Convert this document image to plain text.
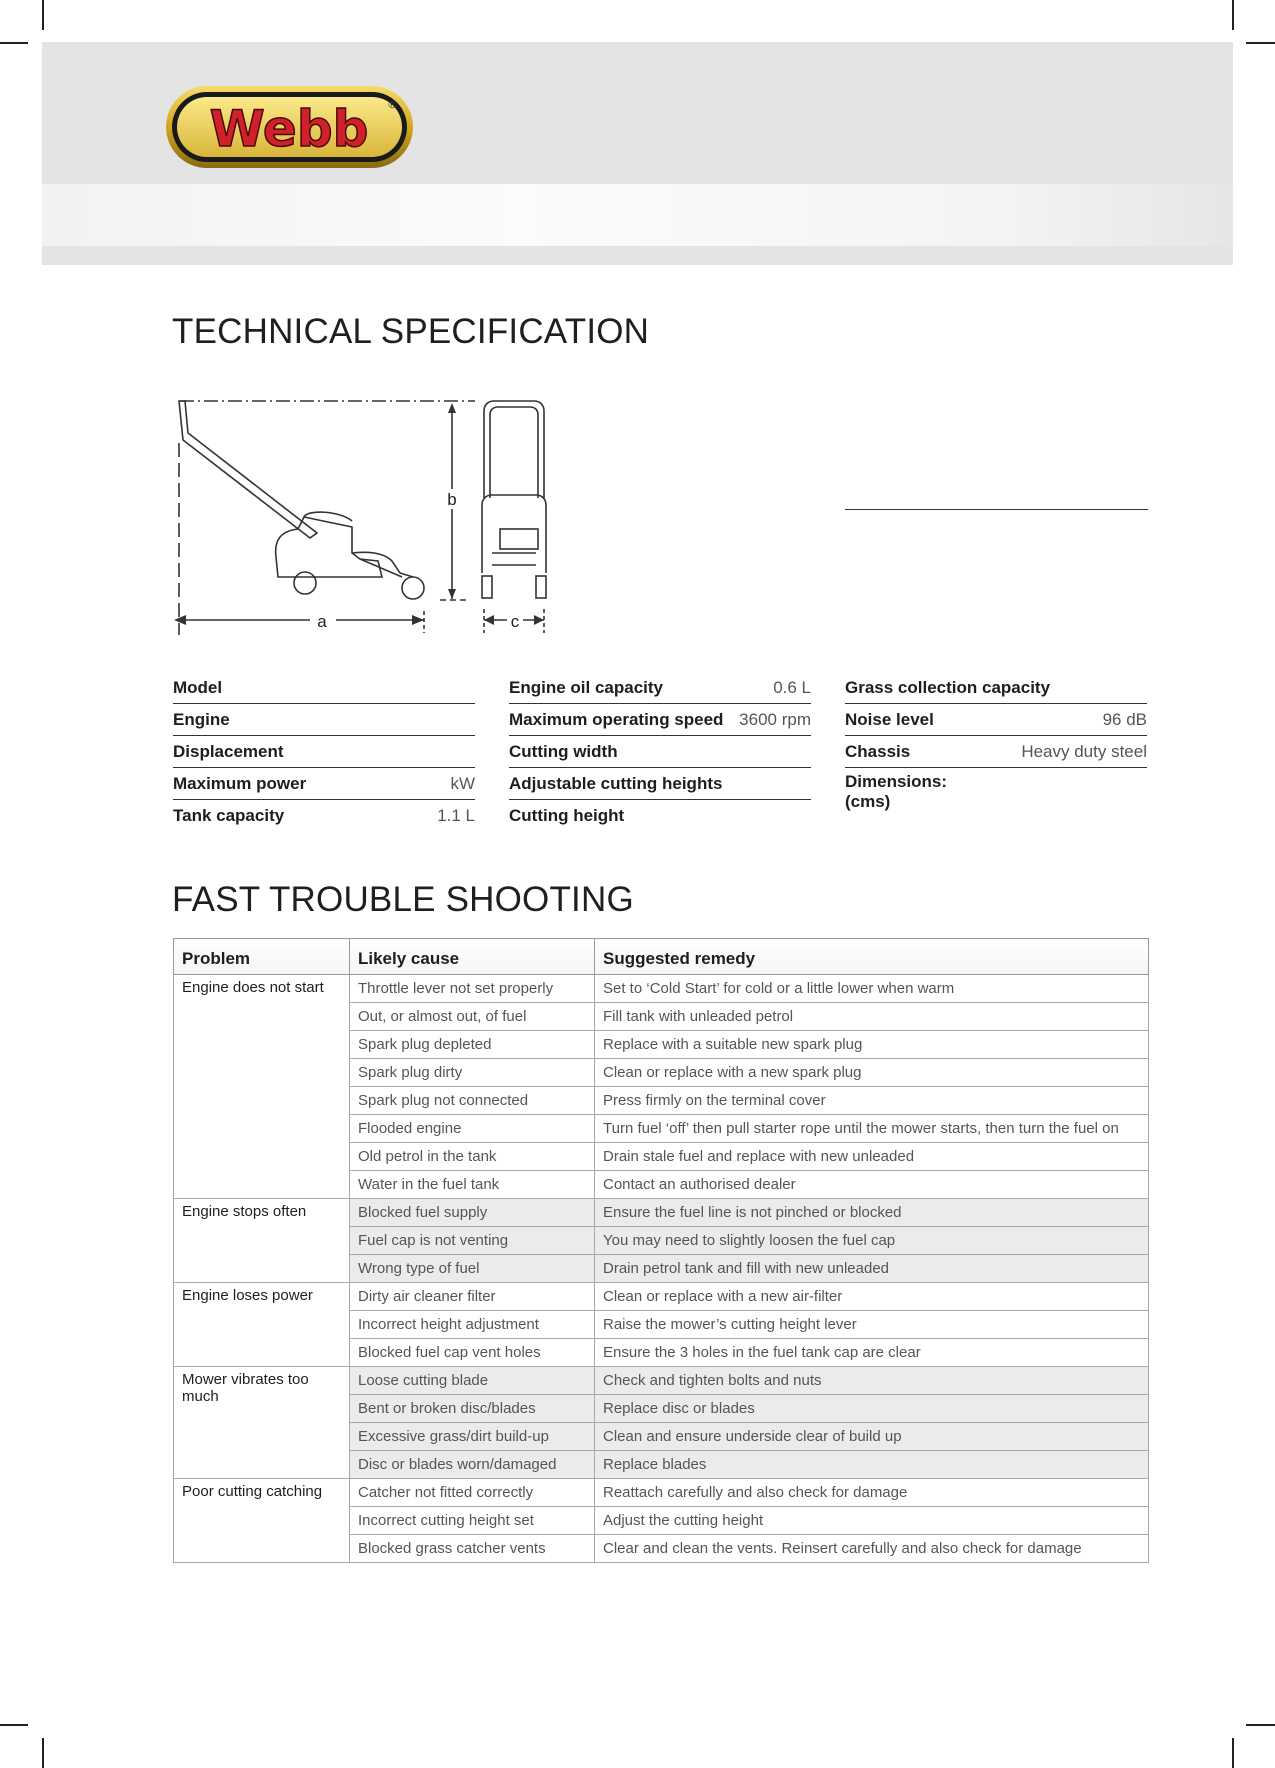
Webb ®
TECHNICAL SPECIFICATION
a
b
c
Model
Engine
Displacement
Maximum power	kW
Tank capacity	1.1 L
Engine oil capacity	0.6 L
Maximum operating speed 3600 rpm
Cutting width
Adjustable cutting heights
Cutting height
Grass collection capacity
Noise level	96 dB
Chassis	Heavy duty steel
Dimensions:
(cms)
FAST TROUBLE SHOOTING
Problem	Likely cause	Suggested remedy
Engine does not start	Throttle lever not set properly	Set to ‘Cold Start’ for cold or a little lower when warm
	Out, or almost out, of fuel	Fill tank with unleaded petrol
	Spark plug depleted	Replace with a suitable new spark plug
	Spark plug dirty	Clean or replace with a new spark plug
	Spark plug not connected	Press firmly on the terminal cover
	Flooded engine	Turn fuel ‘off’ then pull starter rope until the mower starts, then turn the fuel on
	Old petrol in the tank	Drain stale fuel and replace with new unleaded
	Water in the fuel tank	Contact an authorised dealer
Engine stops often	Blocked fuel supply	Ensure the fuel line is not pinched or blocked
	Fuel cap is not venting	You may need to slightly loosen the fuel cap
	Wrong type of fuel	Drain petrol tank and fill with new unleaded
Engine loses power	Dirty air cleaner filter	Clean or replace with a new air-filter
	Incorrect height adjustment	Raise the mower’s cutting height lever
	Blocked fuel cap vent holes	Ensure the 3 holes in the fuel tank cap are clear
Mower vibrates too much	Loose cutting blade	Check and tighten bolts and nuts
	Bent or broken disc/blades	Replace disc or blades
	Excessive grass/dirt build-up	Clean and ensure underside clear of build up
	Disc or blades worn/damaged	Replace blades
Poor cutting catching	Catcher not fitted correctly	Reattach carefully and also check for damage
	Incorrect cutting height set	Adjust the cutting height
	Blocked grass catcher vents	Clear and clean the vents. Reinsert carefully and also check for damage
